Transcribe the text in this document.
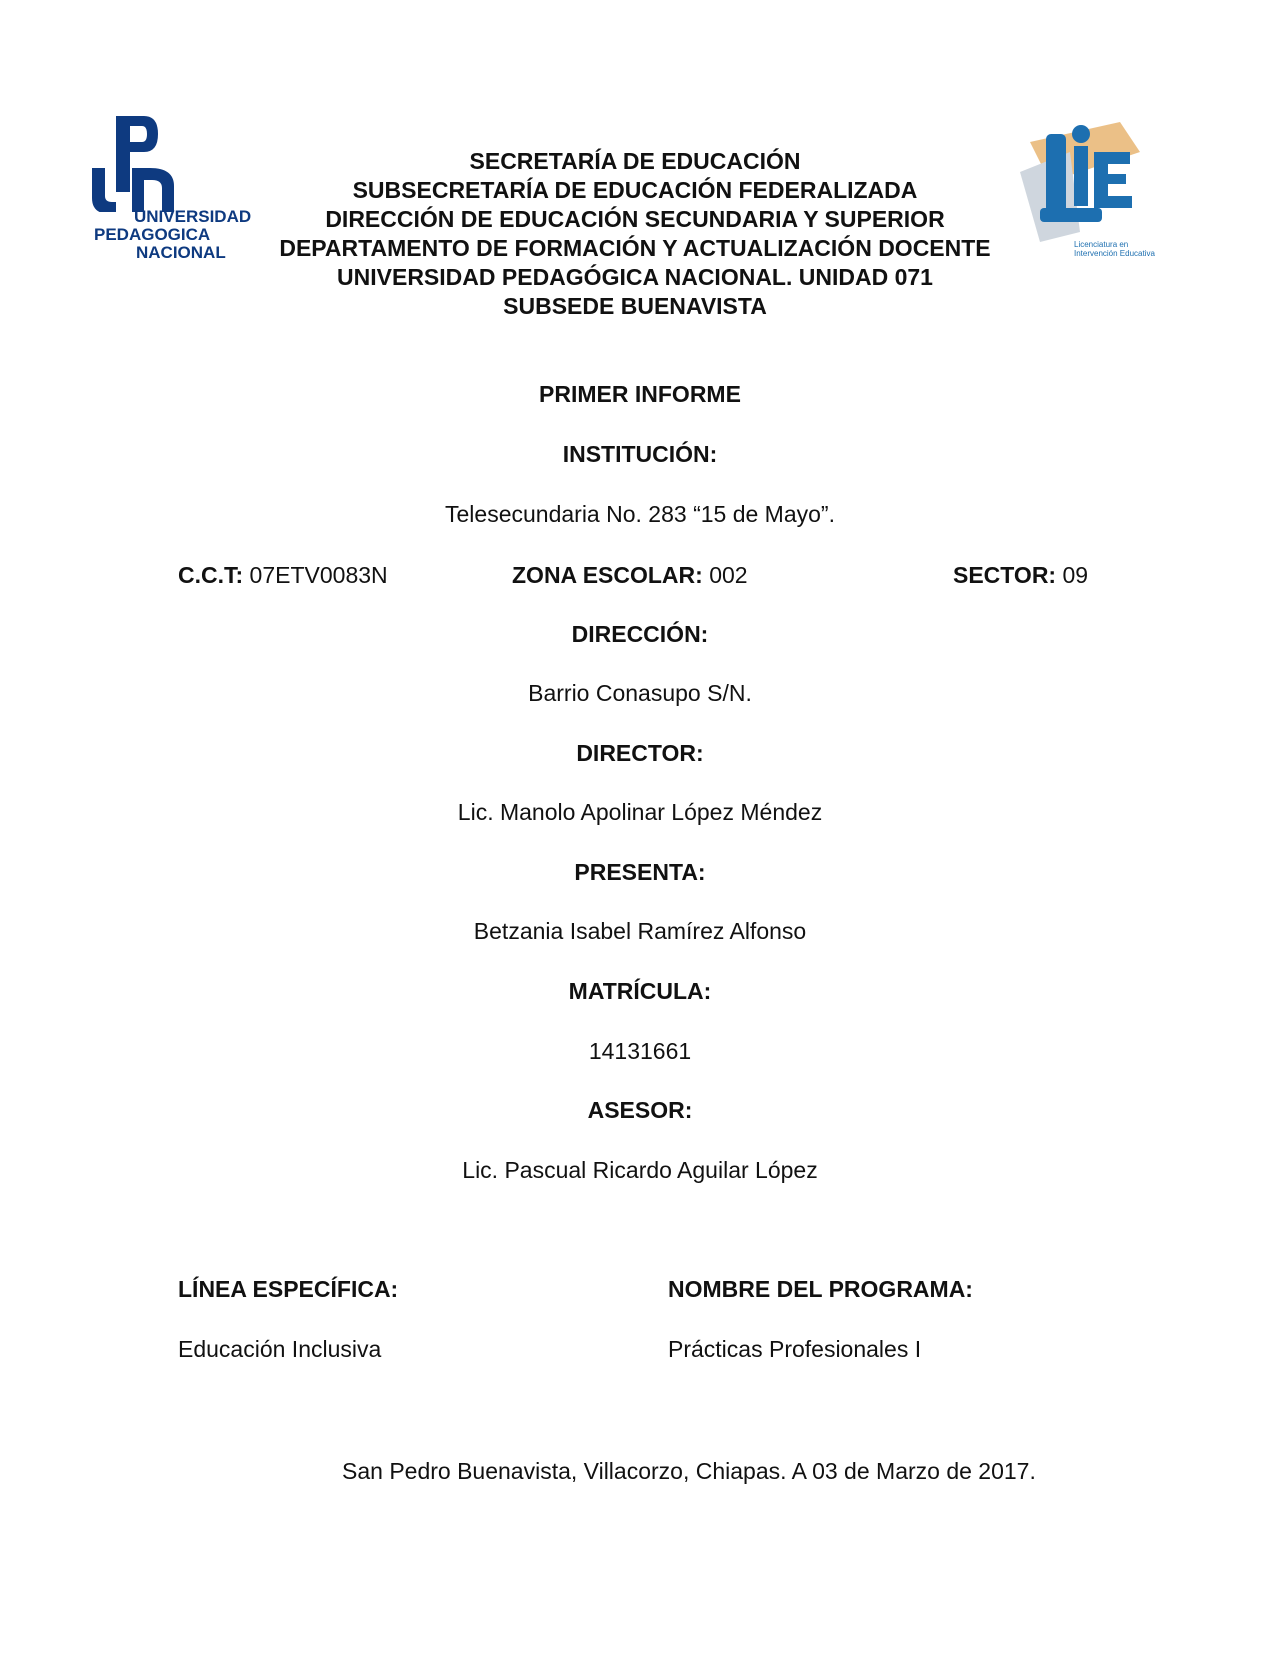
UNIVERSIDAD
PEDAGOGICA
NACIONAL
SECRETARÍA DE EDUCACIÓN
SUBSECRETARÍA DE EDUCACIÓN FEDERALIZADA
DIRECCIÓN DE EDUCACIÓN SECUNDARIA Y SUPERIOR
DEPARTAMENTO DE FORMACIÓN Y ACTUALIZACIÓN DOCENTE
UNIVERSIDAD PEDAGÓGICA NACIONAL. UNIDAD 071
SUBSEDE BUENAVISTA
Licenciatura en
Intervención Educativa
PRIMER INFORME
INSTITUCIÓN:
Telesecundaria No. 283 “15 de Mayo”.
C.C.T: 07ETV0083N	ZONA ESCOLAR: 002	SECTOR: 09
DIRECCIÓN:
Barrio Conasupo S/N.
DIRECTOR:
Lic. Manolo Apolinar López Méndez
PRESENTA:
Betzania Isabel Ramírez Alfonso
MATRÍCULA:
14131661
ASESOR:
Lic. Pascual Ricardo Aguilar López
LÍNEA ESPECÍFICA:
Educación Inclusiva
NOMBRE DEL PROGRAMA:
Prácticas Profesionales I
San Pedro Buenavista, Villacorzo, Chiapas. A 03 de Marzo de 2017.
